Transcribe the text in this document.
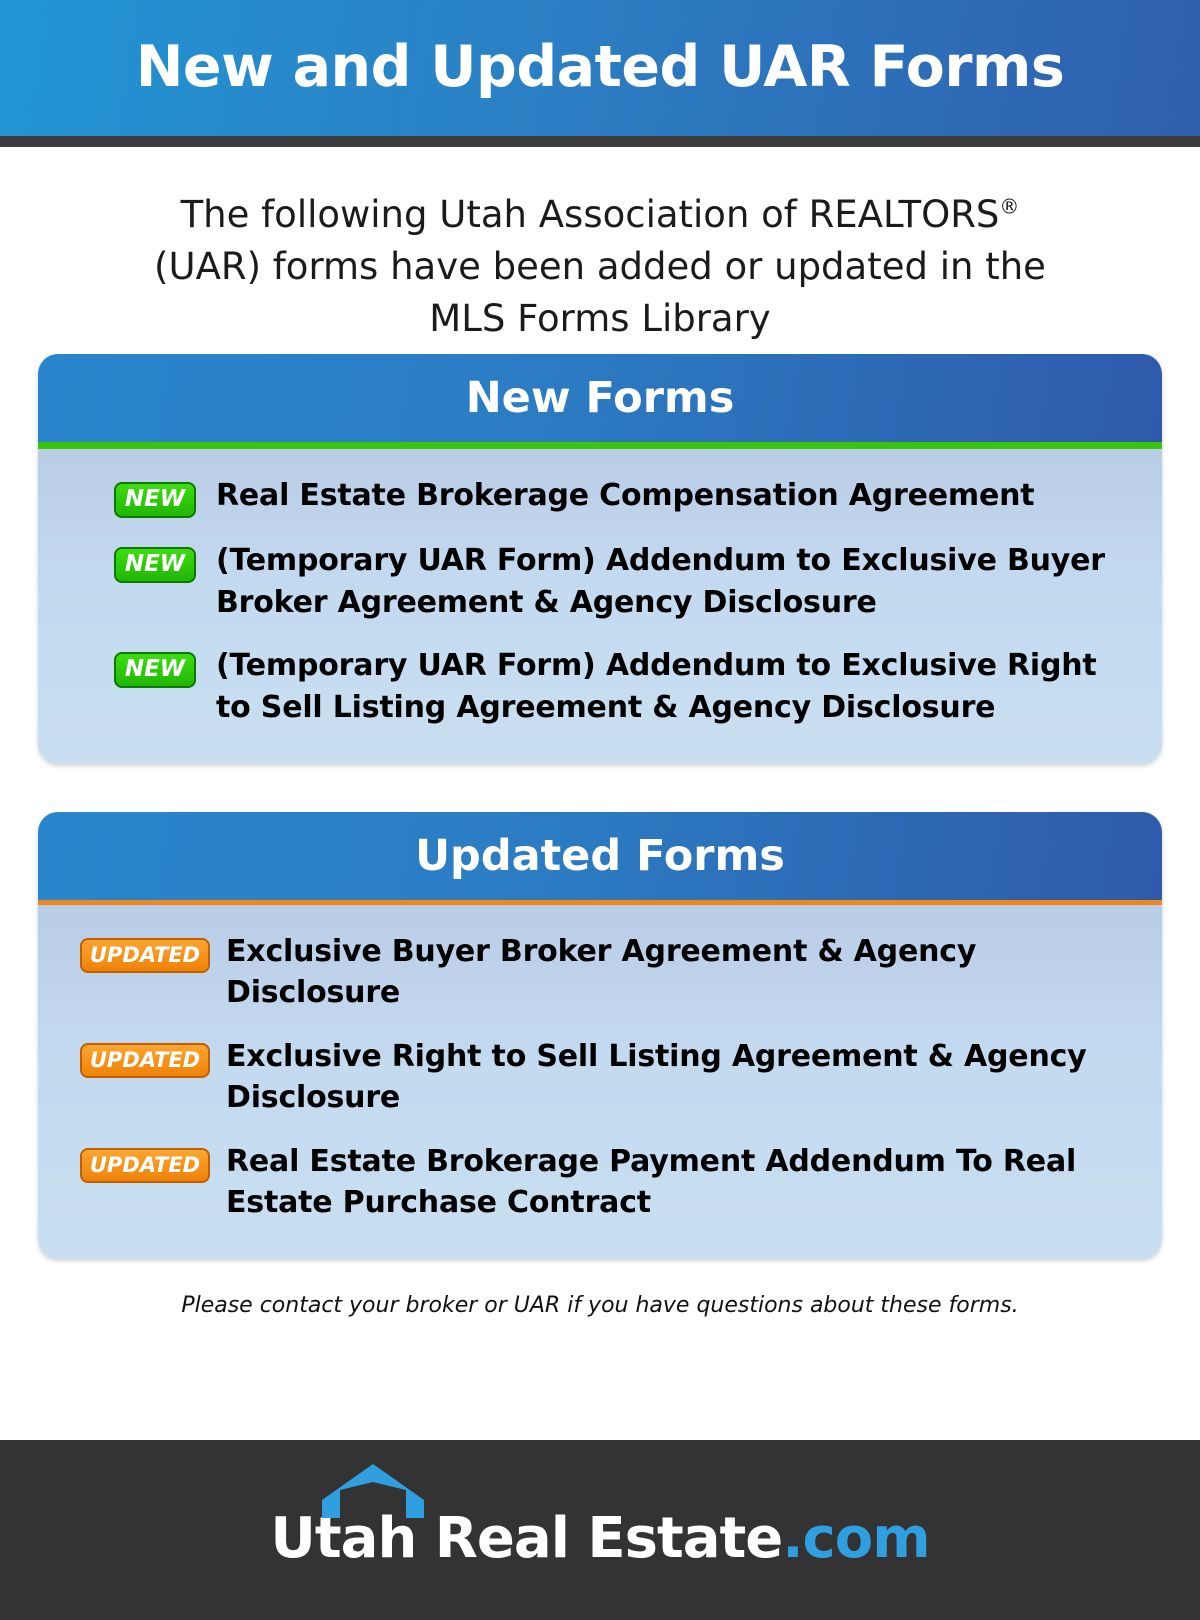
New and Updated UAR Forms
The following Utah Association of REALTORS®
(UAR) forms have been added or updated in the
MLS Forms Library
New Forms
NEW	Real Estate Brokerage Compensation Agreement
NEW	(Temporary UAR Form) Addendum to Exclusive Buyer Broker Agreement & Agency Disclosure
NEW	(Temporary UAR Form) Addendum to Exclusive Right to Sell Listing Agreement & Agency Disclosure
Updated Forms
UPDATED Exclusive Buyer Broker Agreement & Agency Disclosure
UPDATED Exclusive Right to Sell Listing Agreement & Agency Disclosure
UPDATED Real Estate Brokerage Payment Addendum To Real Estate Purchase Contract
Please contact your broker or UAR if you have questions about these forms.
Utah Real Estate.com
